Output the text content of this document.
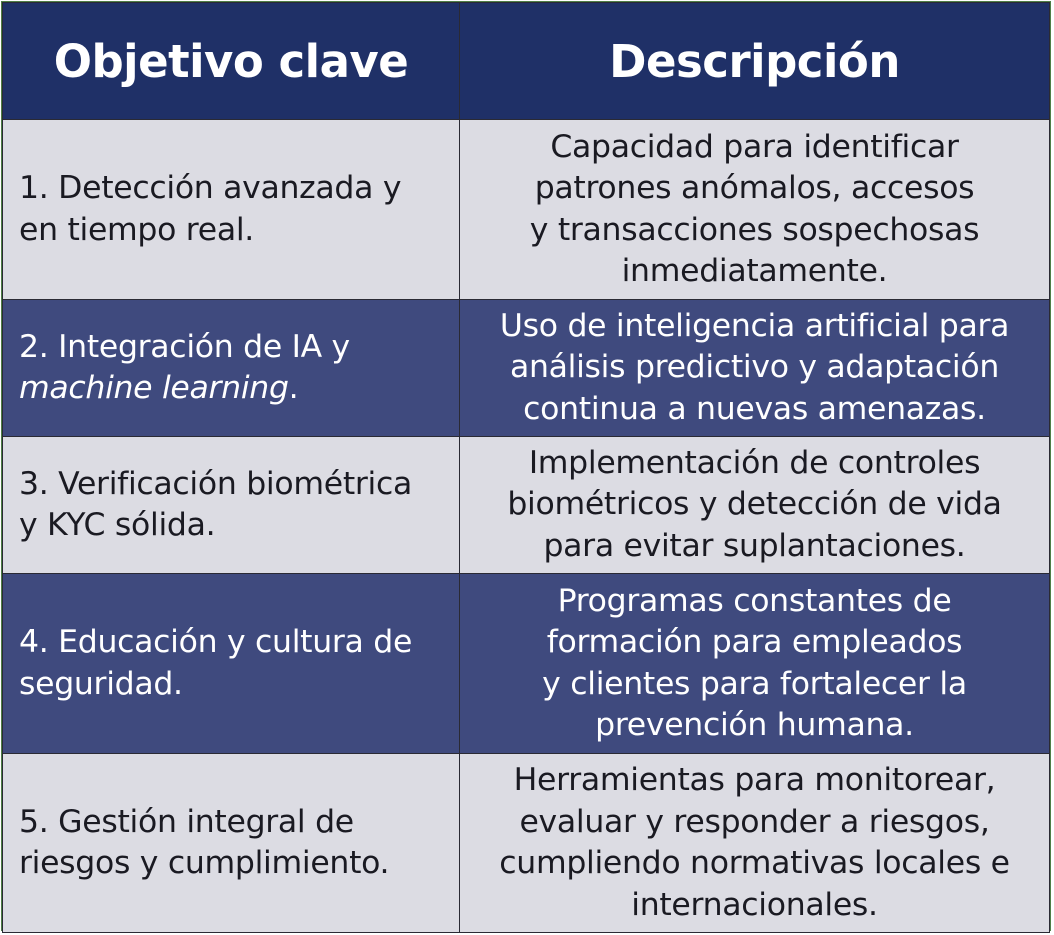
Objetivo clave	Descripción

1. Detección avanzada y
en tiempo real.	Capacidad para identificar
patrones anómalos, accesos
y transacciones sospechosas
inmediatamente.

2. Integración de IA y
machine learning.	Uso de inteligencia artificial para
análisis predictivo y adaptación
continua a nuevas amenazas.

3. Verificación biométrica
y KYC sólida.	Implementación de controles
biométricos y detección de vida
para evitar suplantaciones.

4. Educación y cultura de
seguridad.	Programas constantes de
formación para empleados
y clientes para fortalecer la
prevención humana.

5. Gestión integral de
riesgos y cumplimiento.	Herramientas para monitorear,
evaluar y responder a riesgos,
cumpliendo normativas locales e
internacionales.
